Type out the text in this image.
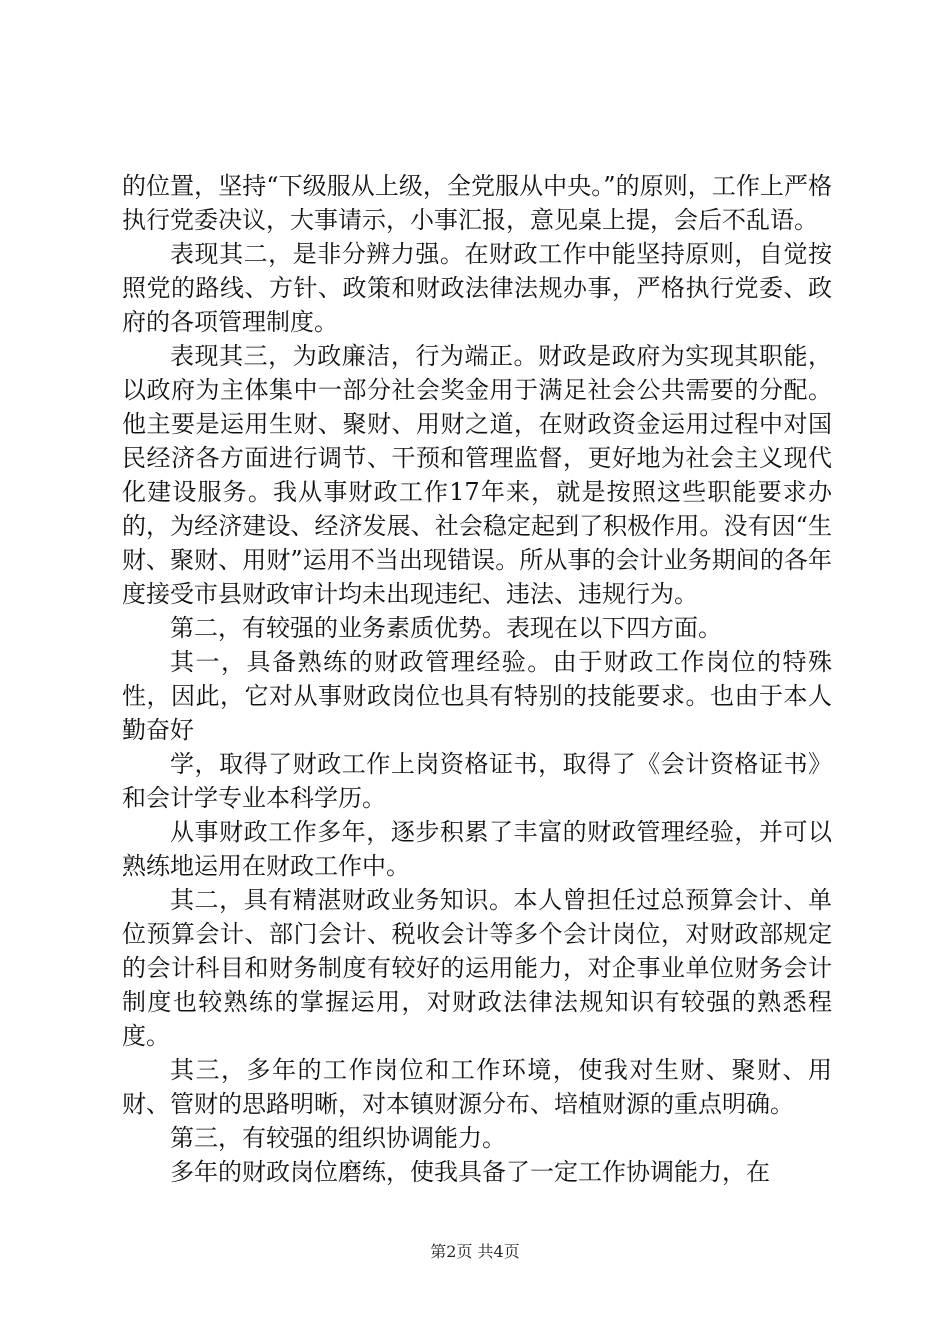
的位置，坚持“下级服从上级，全党服从中央。”的原则，工作上严格执行党委决议，大事请示，小事汇报，意见桌上提，会后不乱语。

表现其二，是非分辨力强。在财政工作中能坚持原则，自觉按照党的路线、方针、政策和财政法律法规办事，严格执行党委、政府的各项管理制度。

表现其三，为政廉洁，行为端正。财政是政府为实现其职能，以政府为主体集中一部分社会奖金用于满足社会公共需要的分配。他主要是运用生财、聚财、用财之道，在财政资金运用过程中对国民经济各方面进行调节、干预和管理监督，更好地为社会主义现代化建设服务。我从事财政工作17年来，就是按照这些职能要求办的，为经济建设、经济发展、社会稳定起到了积极作用。没有因“生财、聚财、用财”运用不当出现错误。所从事的会计业务期间的各年度接受市县财政审计均未出现违纪、违法、违规行为。

第二，有较强的业务素质优势。表现在以下四方面。

其一，具备熟练的财政管理经验。由于财政工作岗位的特殊性，因此，它对从事财政岗位也具有特别的技能要求。也由于本人勤奋好

学，取得了财政工作上岗资格证书，取得了《会计资格证书》和会计学专业本科学历。

从事财政工作多年，逐步积累了丰富的财政管理经验，并可以熟练地运用在财政工作中。

其二，具有精湛财政业务知识。本人曾担任过总预算会计、单位预算会计、部门会计、税收会计等多个会计岗位，对财政部规定的会计科目和财务制度有较好的运用能力，对企事业单位财务会计制度也较熟练的掌握运用，对财政法律法规知识有较强的熟悉程度。

其三，多年的工作岗位和工作环境，使我对生财、聚财、用财、管财的思路明晰，对本镇财源分布、培植财源的重点明确。

第三，有较强的组织协调能力。

多年的财政岗位磨练，使我具备了一定工作协调能力，在

第2页 共4页
